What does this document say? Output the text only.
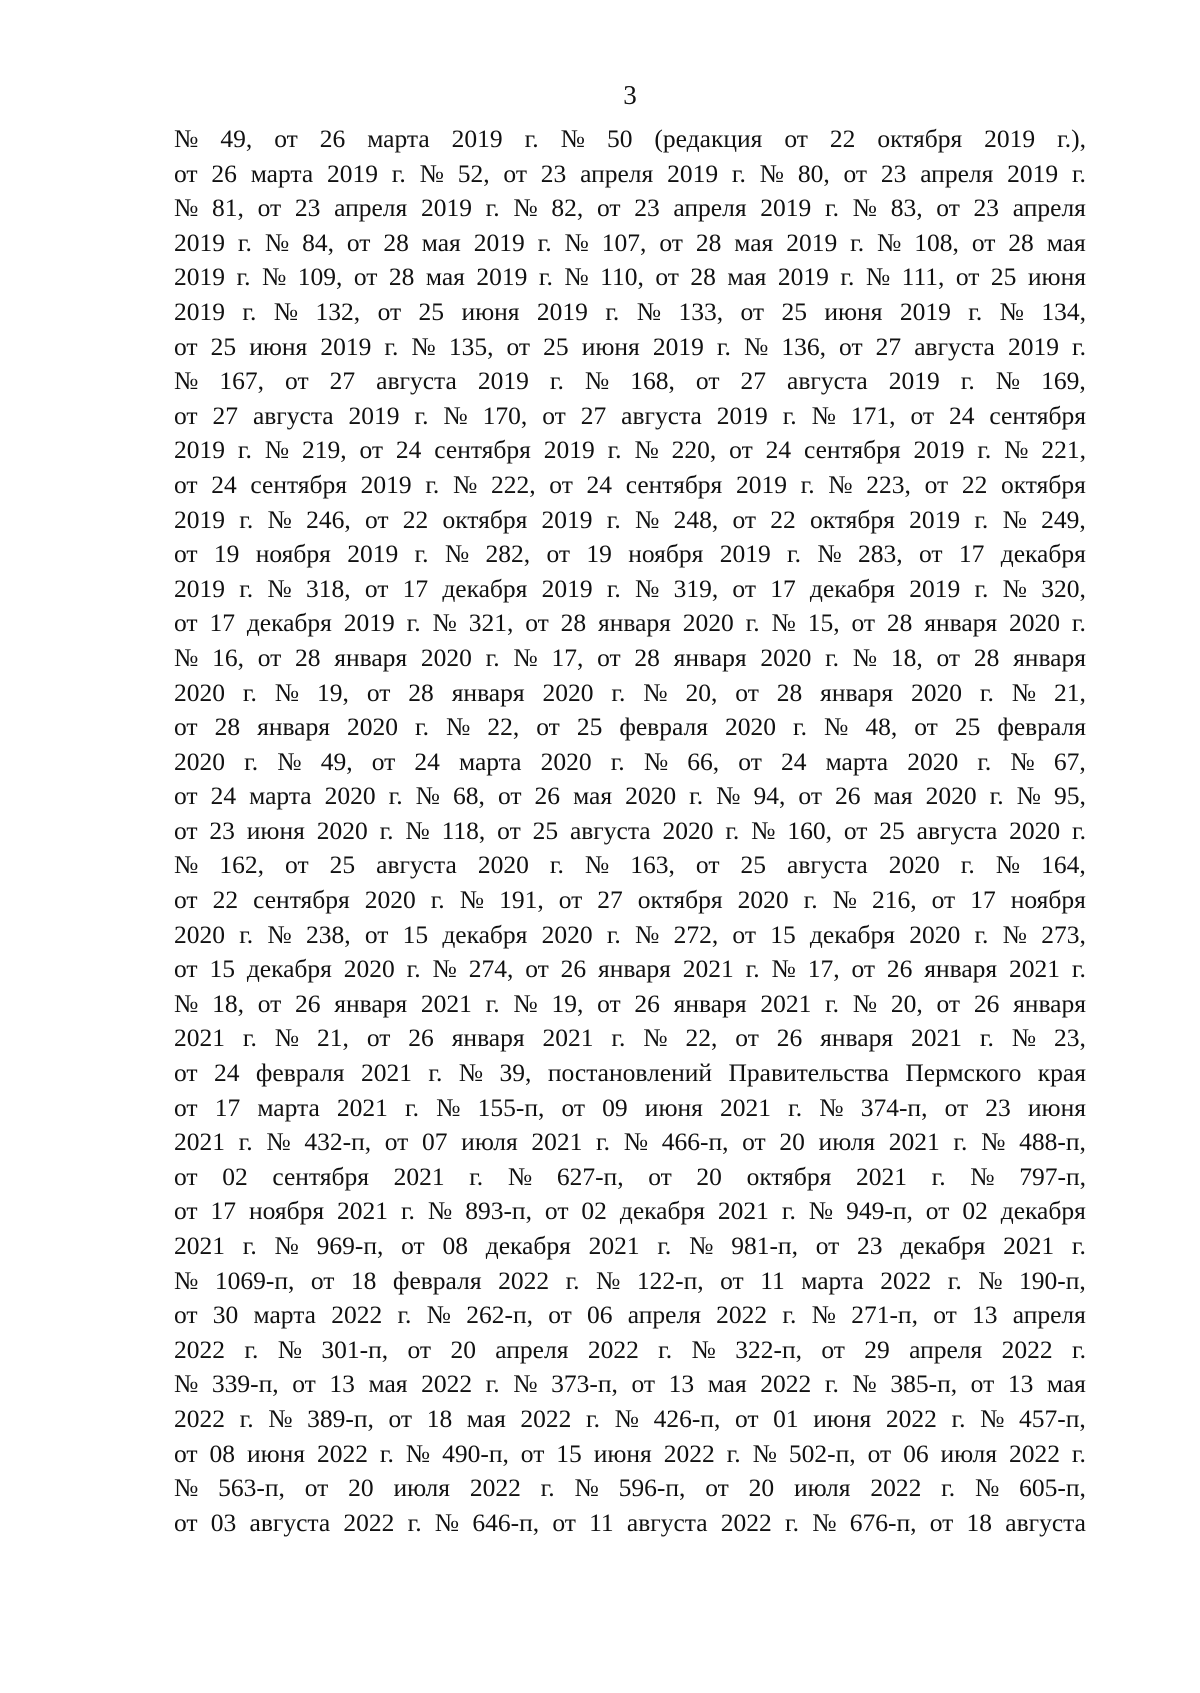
3
№ 49, от 26 марта 2019 г. № 50 (редакция от 22 октября 2019 г.),
от 26 марта 2019 г. № 52, от 23 апреля 2019 г. № 80, от 23 апреля 2019 г.
№ 81, от 23 апреля 2019 г. № 82, от 23 апреля 2019 г. № 83, от 23 апреля
2019 г. № 84, от 28 мая 2019 г. № 107, от 28 мая 2019 г. № 108, от 28 мая
2019 г. № 109, от 28 мая 2019 г. № 110, от 28 мая 2019 г. № 111, от 25 июня
2019 г. № 132, от 25 июня 2019 г. № 133, от 25 июня 2019 г. № 134,
от 25 июня 2019 г. № 135, от 25 июня 2019 г. № 136, от 27 августа 2019 г.
№ 167, от 27 августа 2019 г. № 168, от 27 августа 2019 г. № 169,
от 27 августа 2019 г. № 170, от 27 августа 2019 г. № 171, от 24 сентября
2019 г. № 219, от 24 сентября 2019 г. № 220, от 24 сентября 2019 г. № 221,
от 24 сентября 2019 г. № 222, от 24 сентября 2019 г. № 223, от 22 октября
2019 г. № 246, от 22 октября 2019 г. № 248, от 22 октября 2019 г. № 249,
от 19 ноября 2019 г. № 282, от 19 ноября 2019 г. № 283, от 17 декабря
2019 г. № 318, от 17 декабря 2019 г. № 319, от 17 декабря 2019 г. № 320,
от 17 декабря 2019 г. № 321, от 28 января 2020 г. № 15, от 28 января 2020 г.
№ 16, от 28 января 2020 г. № 17, от 28 января 2020 г. № 18, от 28 января
2020 г. № 19, от 28 января 2020 г. № 20, от 28 января 2020 г. № 21,
от 28 января 2020 г. № 22, от 25 февраля 2020 г. № 48, от 25 февраля
2020 г. № 49, от 24 марта 2020 г. № 66, от 24 марта 2020 г. № 67,
от 24 марта 2020 г. № 68, от 26 мая 2020 г. № 94, от 26 мая 2020 г. № 95,
от 23 июня 2020 г. № 118, от 25 августа 2020 г. № 160, от 25 августа 2020 г.
№ 162, от 25 августа 2020 г. № 163, от 25 августа 2020 г. № 164,
от 22 сентября 2020 г. № 191, от 27 октября 2020 г. № 216, от 17 ноября
2020 г. № 238, от 15 декабря 2020 г. № 272, от 15 декабря 2020 г. № 273,
от 15 декабря 2020 г. № 274, от 26 января 2021 г. № 17, от 26 января 2021 г.
№ 18, от 26 января 2021 г. № 19, от 26 января 2021 г. № 20, от 26 января
2021 г. № 21, от 26 января 2021 г. № 22, от 26 января 2021 г. № 23,
от 24 февраля 2021 г. № 39, постановлений Правительства Пермского края
от 17 марта 2021 г. № 155-п, от 09 июня 2021 г. № 374-п, от 23 июня
2021 г. № 432-п, от 07 июля 2021 г. № 466-п, от 20 июля 2021 г. № 488-п,
от 02 сентября 2021 г. № 627-п, от 20 октября 2021 г. № 797-п,
от 17 ноября 2021 г. № 893-п, от 02 декабря 2021 г. № 949-п, от 02 декабря
2021 г. № 969-п, от 08 декабря 2021 г. № 981-п, от 23 декабря 2021 г.
№ 1069-п, от 18 февраля 2022 г. № 122-п, от 11 марта 2022 г. № 190-п,
от 30 марта 2022 г. № 262-п, от 06 апреля 2022 г. № 271-п, от 13 апреля
2022 г. № 301-п, от 20 апреля 2022 г. № 322-п, от 29 апреля 2022 г.
№ 339-п, от 13 мая 2022 г. № 373-п, от 13 мая 2022 г. № 385-п, от 13 мая
2022 г. № 389-п, от 18 мая 2022 г. № 426-п, от 01 июня 2022 г. № 457-п,
от 08 июня 2022 г. № 490-п, от 15 июня 2022 г. № 502-п, от 06 июля 2022 г.
№ 563-п, от 20 июля 2022 г. № 596-п, от 20 июля 2022 г. № 605-п,
от 03 августа 2022 г. № 646-п, от 11 августа 2022 г. № 676-п, от 18 августа
